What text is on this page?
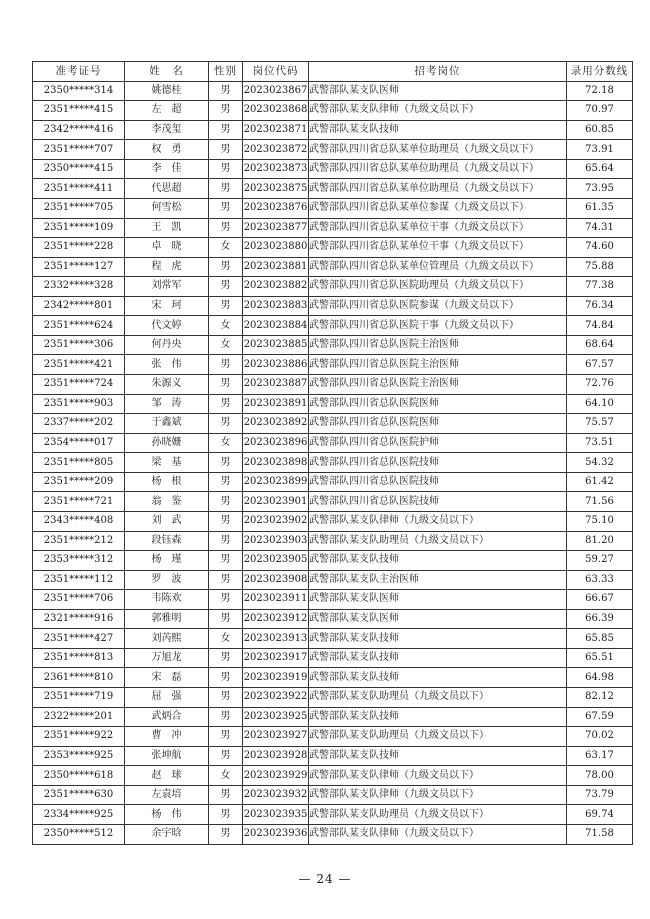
准考证号	姓　名	性别	岗位代码	招考岗位	录用分数线
2350*****314	姚德桂	男	2023023867	武警部队某支队医师	72.18
2351*****415	左　超	男	2023023868	武警部队某支队律师（九级文员以下）	70.97
2342*****416	李茂玺	男	2023023871	武警部队某支队技师	60.85
2351*****707	权　勇	男	2023023872	武警部队四川省总队某单位助理员（九级文员以下）	73.91
2350*****415	李　佳	男	2023023873	武警部队四川省总队某单位助理员（九级文员以下）	65.64
2351*****411	代思超	男	2023023875	武警部队四川省总队某单位助理员（九级文员以下）	73.95
2351*****705	何雪松	男	2023023876	武警部队四川省总队某单位参谋（九级文员以下）	61.35
2351*****109	王　凯	男	2023023877	武警部队四川省总队某单位干事（九级文员以下）	74.31
2351*****228	卓　晓	女	2023023880	武警部队四川省总队某单位干事（九级文员以下）	74.60
2351*****127	程　虎	男	2023023881	武警部队四川省总队某单位管理员（九级文员以下）	75.88
2332*****328	刘常军	男	2023023882	武警部队四川省总队医院助理员（九级文员以下）	77.38
2342*****801	宋　珂	男	2023023883	武警部队四川省总队医院参谋（九级文员以下）	76.34
2351*****624	代文婷	女	2023023884	武警部队四川省总队医院干事（九级文员以下）	74.84
2351*****306	何丹央	女	2023023885	武警部队四川省总队医院主治医师	68.64
2351*****421	张　伟	男	2023023886	武警部队四川省总队医院主治医师	67.57
2351*****724	朱源义	男	2023023887	武警部队四川省总队医院主治医师	72.76
2351*****903	邹　涛	男	2023023891	武警部队四川省总队医院医师	64.10
2337*****202	于鑫斌	男	2023023892	武警部队四川省总队医院医师	75.57
2354*****017	孙晓姗	女	2023023896	武警部队四川省总队医院护师	73.51
2351*****805	梁　基	男	2023023898	武警部队四川省总队医院技师	54.32
2351*****209	杨　根	男	2023023899	武警部队四川省总队医院技师	61.42
2351*****721	翁　鉴	男	2023023901	武警部队四川省总队医院技师	71.56
2343*****408	刘　武	男	2023023902	武警部队某支队律师（九级文员以下）	75.10
2351*****212	段钰森	男	2023023903	武警部队某支队助理员（九级文员以下）	81.20
2353*****312	杨　瑾	男	2023023905	武警部队某支队技师	59.27
2351*****112	罗　波	男	2023023908	武警部队某支队主治医师	63.33
2351*****706	韦陈欢	男	2023023911	武警部队某支队医师	66.67
2321*****916	郭雅明	男	2023023912	武警部队某支队医师	66.39
2351*****427	刘芮熙	女	2023023913	武警部队某支队技师	65.85
2351*****813	万旭龙	男	2023023917	武警部队某支队技师	65.51
2361*****810	宋　磊	男	2023023919	武警部队某支队技师	64.98
2351*****719	屈　强	男	2023023922	武警部队某支队助理员（九级文员以下）	82.12
2322*****201	武炳合	男	2023023925	武警部队某支队技师	67.59
2351*****922	曹　冲	男	2023023927	武警部队某支队助理员（九级文员以下）	70.02
2353*****925	张坤航	男	2023023928	武警部队某支队技师	63.17
2350*****618	赵　球	女	2023023929	武警部队某支队律师（九级文员以下）	78.00
2351*****630	左袁培	男	2023023932	武警部队某支队律师（九级文员以下）	73.79
2334*****925	杨　伟	男	2023023935	武警部队某支队助理员（九级文员以下）	69.74
2350*****512	余宇晗	男	2023023936	武警部队某支队律师（九级文员以下）	71.58
— 24 —
